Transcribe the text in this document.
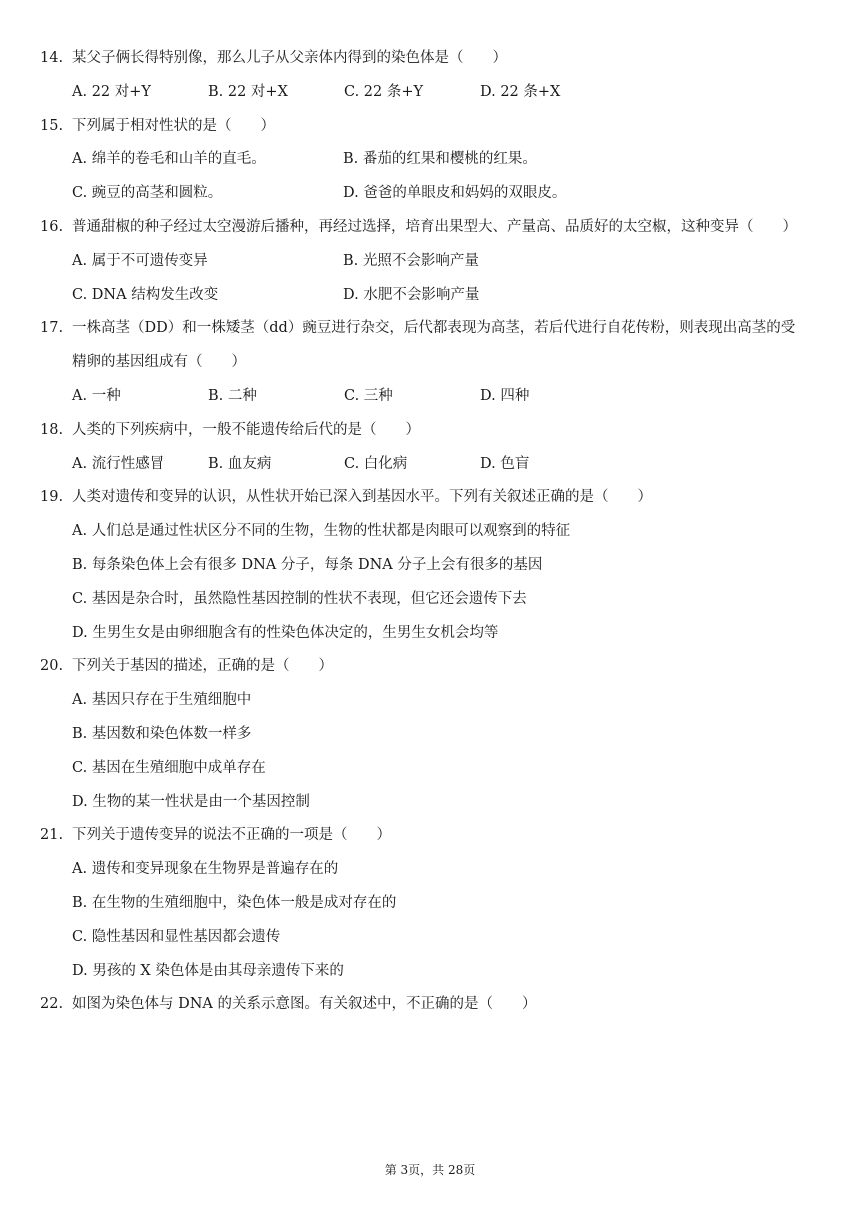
14. 某父子俩长得特别像，那么儿子从父亲体内得到的染色体是（　　）
A. 22 对+Y	B. 22 对+X	C. 22 条+Y	D. 22 条+X
15. 下列属于相对性状的是（　　）
A. 绵羊的卷毛和山羊的直毛。	B. 番茄的红果和樱桃的红果。
C. 豌豆的高茎和圆粒。	D. 爸爸的单眼皮和妈妈的双眼皮。
16. 普通甜椒的种子经过太空漫游后播种，再经过选择，培育出果型大、产量高、品质好的太空椒，这种变异（　　）
A. 属于不可遗传变异	B. 光照不会影响产量
C. DNA 结构发生改变	D. 水肥不会影响产量
17. 一株高茎（DD）和一株矮茎（dd）豌豆进行杂交，后代都表现为高茎，若后代进行自花传粉，则表现出高茎的受
精卵的基因组成有（　　）
A. 一种	B. 二种	C. 三种	D. 四种
18. 人类的下列疾病中，一般不能遗传给后代的是（　　）
A. 流行性感冒	B. 血友病	C. 白化病	D. 色盲
19. 人类对遗传和变异的认识，从性状开始已深入到基因水平。下列有关叙述正确的是（　　）
A. 人们总是通过性状区分不同的生物，生物的性状都是肉眼可以观察到的特征
B. 每条染色体上会有很多 DNA 分子，每条 DNA 分子上会有很多的基因
C. 基因是杂合时，虽然隐性基因控制的性状不表现，但它还会遗传下去
D. 生男生女是由卵细胞含有的性染色体决定的，生男生女机会均等
20. 下列关于基因的描述，正确的是（　　）
A. 基因只存在于生殖细胞中
B. 基因数和染色体数一样多
C. 基因在生殖细胞中成单存在
D. 生物的某一性状是由一个基因控制
21. 下列关于遗传变异的说法不正确的一项是（　　）
A. 遗传和变异现象在生物界是普遍存在的
B. 在生物的生殖细胞中，染色体一般是成对存在的
C. 隐性基因和显性基因都会遗传
D. 男孩的 X 染色体是由其母亲遗传下来的
22. 如图为染色体与 DNA 的关系示意图。有关叙述中，不正确的是（　　）
第 3页，共 28页
